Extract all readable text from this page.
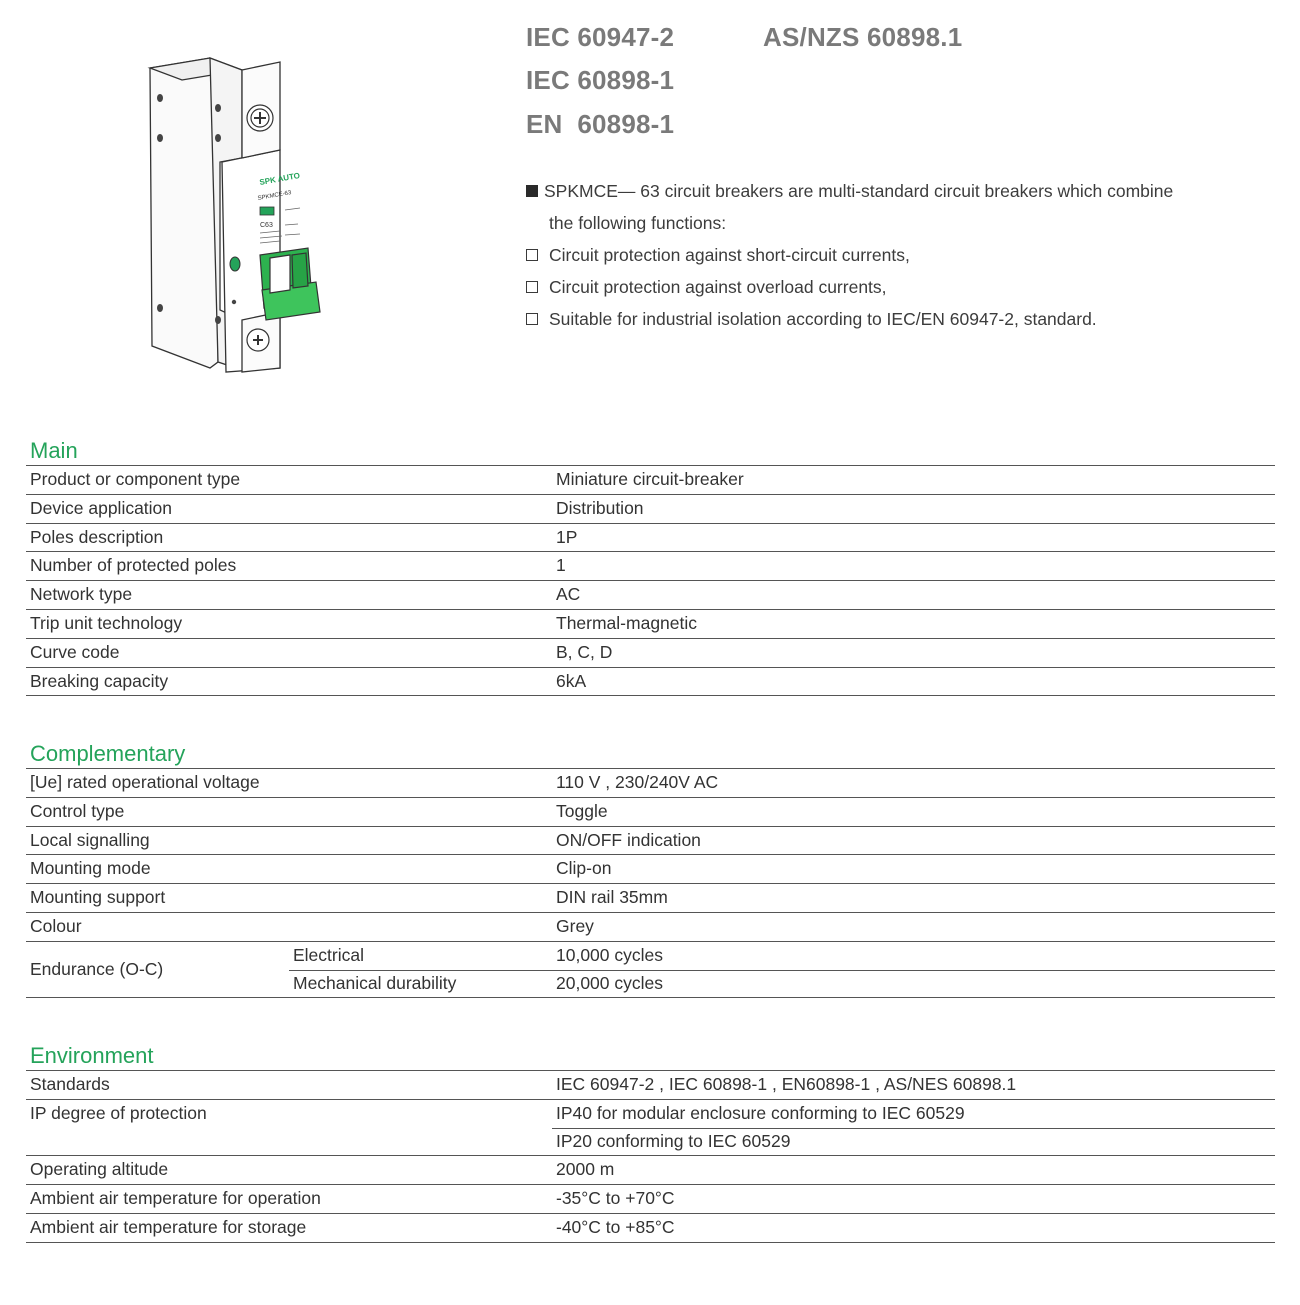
SPK AUTO
SPKMCE-63
C63
IEC 60947-2	AS/NZS 60898.1
IEC 60898-1
EN  60898-1
SPKMCE— 63 circuit breakers are multi-standard circuit breakers which combine
the following functions:
Circuit protection against short-circuit currents,
Circuit protection against overload currents,
Suitable for industrial isolation according to IEC/EN 60947-2, standard.
Main
Product or component type	Miniature circuit-breaker
Device application	Distribution
Poles description	1P
Number of protected poles	1
Network type	AC
Trip unit technology	Thermal-magnetic
Curve code	B, C, D
Breaking capacity	6kA
Complementary
[Ue] rated operational voltage	110 V , 230/240V AC
Control type	Toggle
Local signalling	ON/OFF indication
Mounting mode	Clip-on
Mounting support	DIN rail 35mm
Colour	Grey
Endurance (O-C)
Electrical	10,000 cycles
Mechanical durability	20,000 cycles
Environment
Standards	IEC 60947-2 , IEC 60898-1 , EN60898-1 , AS/NES 60898.1
IP degree of protection	IP40 for modular enclosure conforming to IEC 60529
IP20 conforming to IEC 60529
Operating altitude	2000 m
Ambient air temperature for operation	-35°C to +70°C
Ambient air temperature for storage	-40°C to +85°C
